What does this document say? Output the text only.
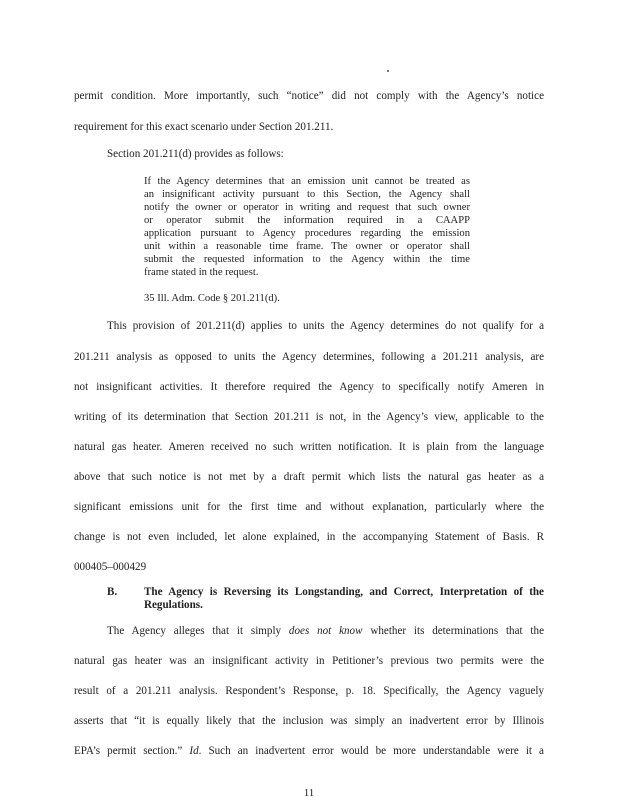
permit condition. More importantly, such “notice” did not comply with the Agency’s notice

requirement for this exact scenario under Section 201.211.

Section 201.211(d) provides as follows:

If the Agency determines that an emission unit cannot be treated as

an insignificant activity pursuant to this Section, the Agency shall

notify the owner or operator in writing and request that such owner

or operator submit the information required in a CAAPP

application pursuant to Agency procedures regarding the emission

unit within a reasonable time frame. The owner or operator shall

submit the requested information to the Agency within the time

frame stated in the request.

35 Ill. Adm. Code § 201.211(d).

This provision of 201.211(d) applies to units the Agency determines do not qualify for a

201.211 analysis as opposed to units the Agency determines, following a 201.211 analysis, are

not insignificant activities. It therefore required the Agency to specifically notify Ameren in

writing of its determination that Section 201.211 is not, in the Agency’s view, applicable to the

natural gas heater. Ameren received no such written notification. It is plain from the language

above that such notice is not met by a draft permit which lists the natural gas heater as a

significant emissions unit for the first time and without explanation, particularly where the

change is not even included, let alone explained, in the accompanying Statement of Basis. R

000405–000429

B. The Agency is Reversing its Longstanding, and Correct, Interpretation of the

Regulations.

The Agency alleges that it simply does not know whether its determinations that the

natural gas heater was an insignificant activity in Petitioner’s previous two permits were the

result of a 201.211 analysis. Respondent’s Response, p. 18. Specifically, the Agency vaguely

asserts that “it is equally likely that the inclusion was simply an inadvertent error by Illinois

EPA’s permit section.” Id. Such an inadvertent error would be more understandable were it a

11
